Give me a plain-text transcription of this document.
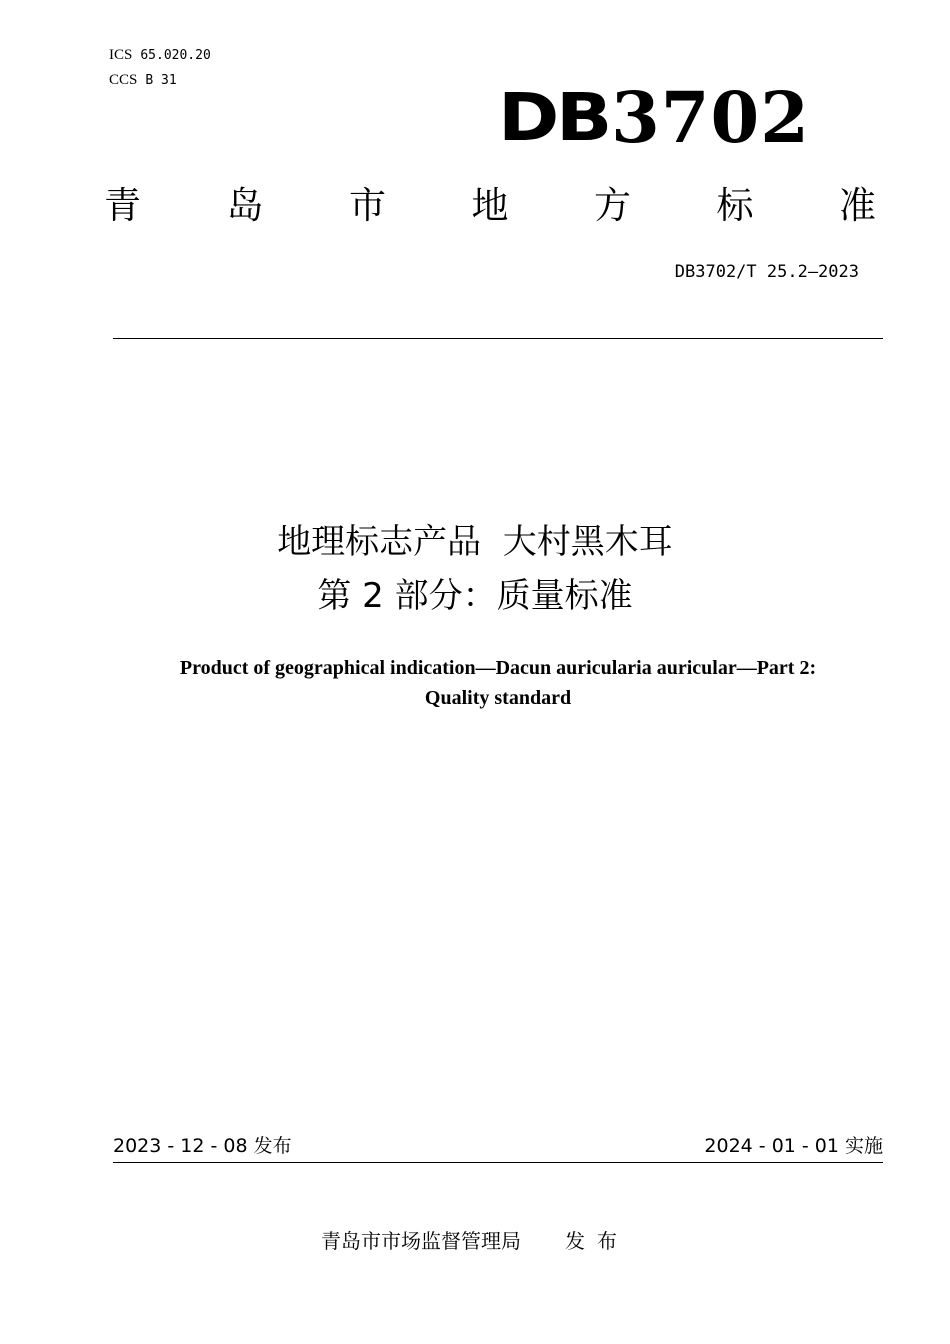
ICS 65.020.20
CCS B 31	DB 3702
青 岛 市 地 方 标 准
DB3702/T 25.2—2023
地理标志产品  大村黑木耳
第 2 部分：质量标准
Product of geographical indication—Dacun auricularia auricular—Part 2:
Quality standard
2023 - 12 - 08 发布	2024 - 01 - 01 实施
青岛市市场监督管理局 发布
